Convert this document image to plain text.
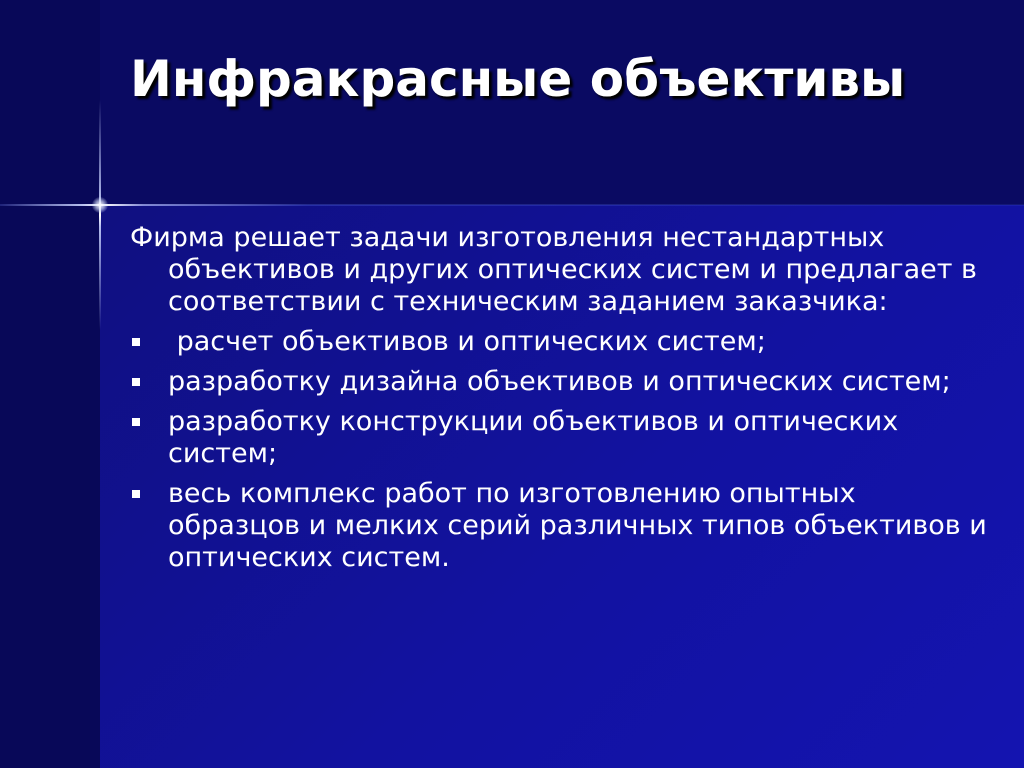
Инфракрасные объективы

Фирма решает задачи изготовления нестандартных объективов и других оптических систем и предлагает в соответствии с техническим заданием заказчика:

расчет объективов и оптических систем;
разработку дизайна объективов и оптических систем;
разработку конструкции объективов и оптических систем;
весь комплекс работ по изготовлению опытных образцов и мелких серий различных типов объективов и оптических систем.
